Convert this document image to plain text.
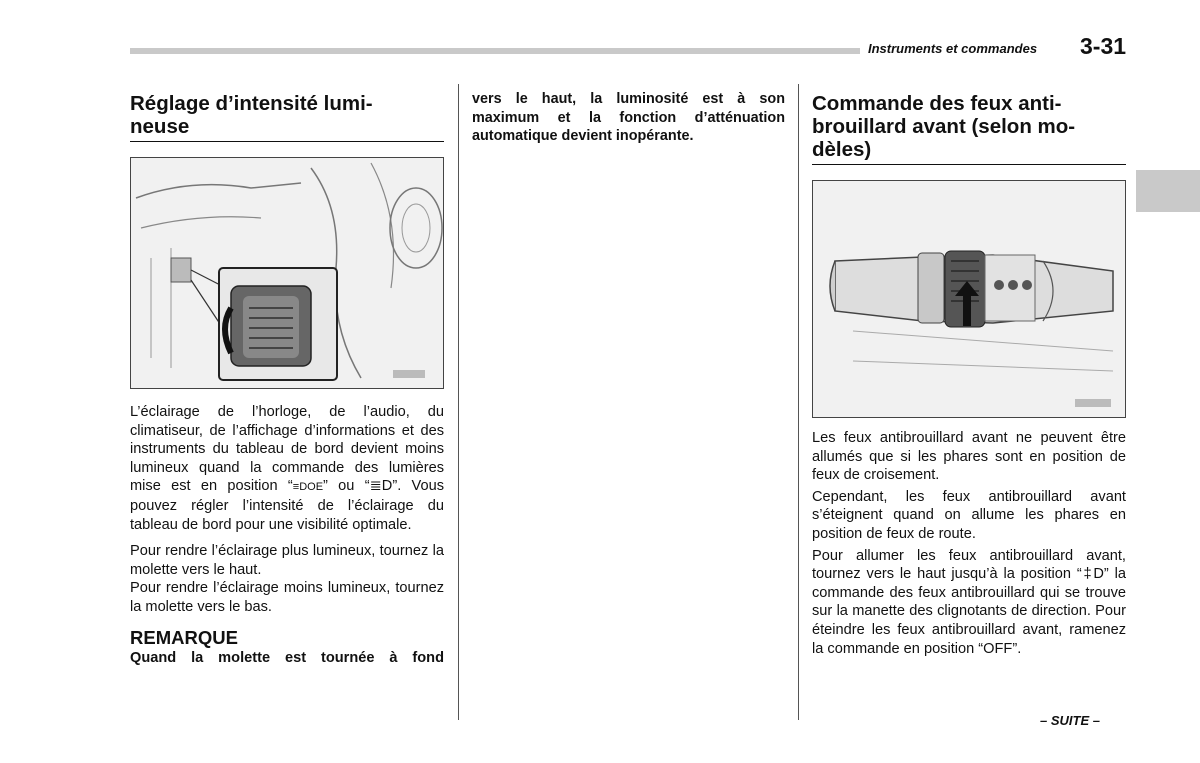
Instruments et commandes 3-31
Réglage d’intensité lumi-
neuse

L’éclairage de l’horloge, de l’audio, du climatiseur, de l’affichage d’informations et des instruments du tableau de bord devient moins lumineux quand la commande des lumières mise est en position “≡DOE” ou “≣D”. Vous pouvez régler l’intensité de l’éclairage du tableau de bord pour une visibilité optimale.

Pour rendre l’éclairage plus lumineux, tournez la molette vers le haut.

Pour rendre l’éclairage moins lumineux, tournez la molette vers le bas.

REMARQUE

Quand la molette est tournée à fond

vers le haut, la luminosité est à son maximum et la fonction d’atténuation automatique devient inopérante.

Commande des feux anti-
brouillard avant (selon mo-
dèles)

Les feux antibrouillard avant ne peuvent être allumés que si les phares sont en position de feux de croisement.

Cependant, les feux antibrouillard avant s’éteignent quand on allume les phares en position de feux de route.

Pour allumer les feux antibrouillard avant, tournez vers le haut jusqu’à la position “‡D” la commande des feux antibrouillard qui se trouve sur la manette des clignotants de direction. Pour éteindre les feux antibrouillard avant, ramenez la commande en position “OFF”.

– SUITE –
